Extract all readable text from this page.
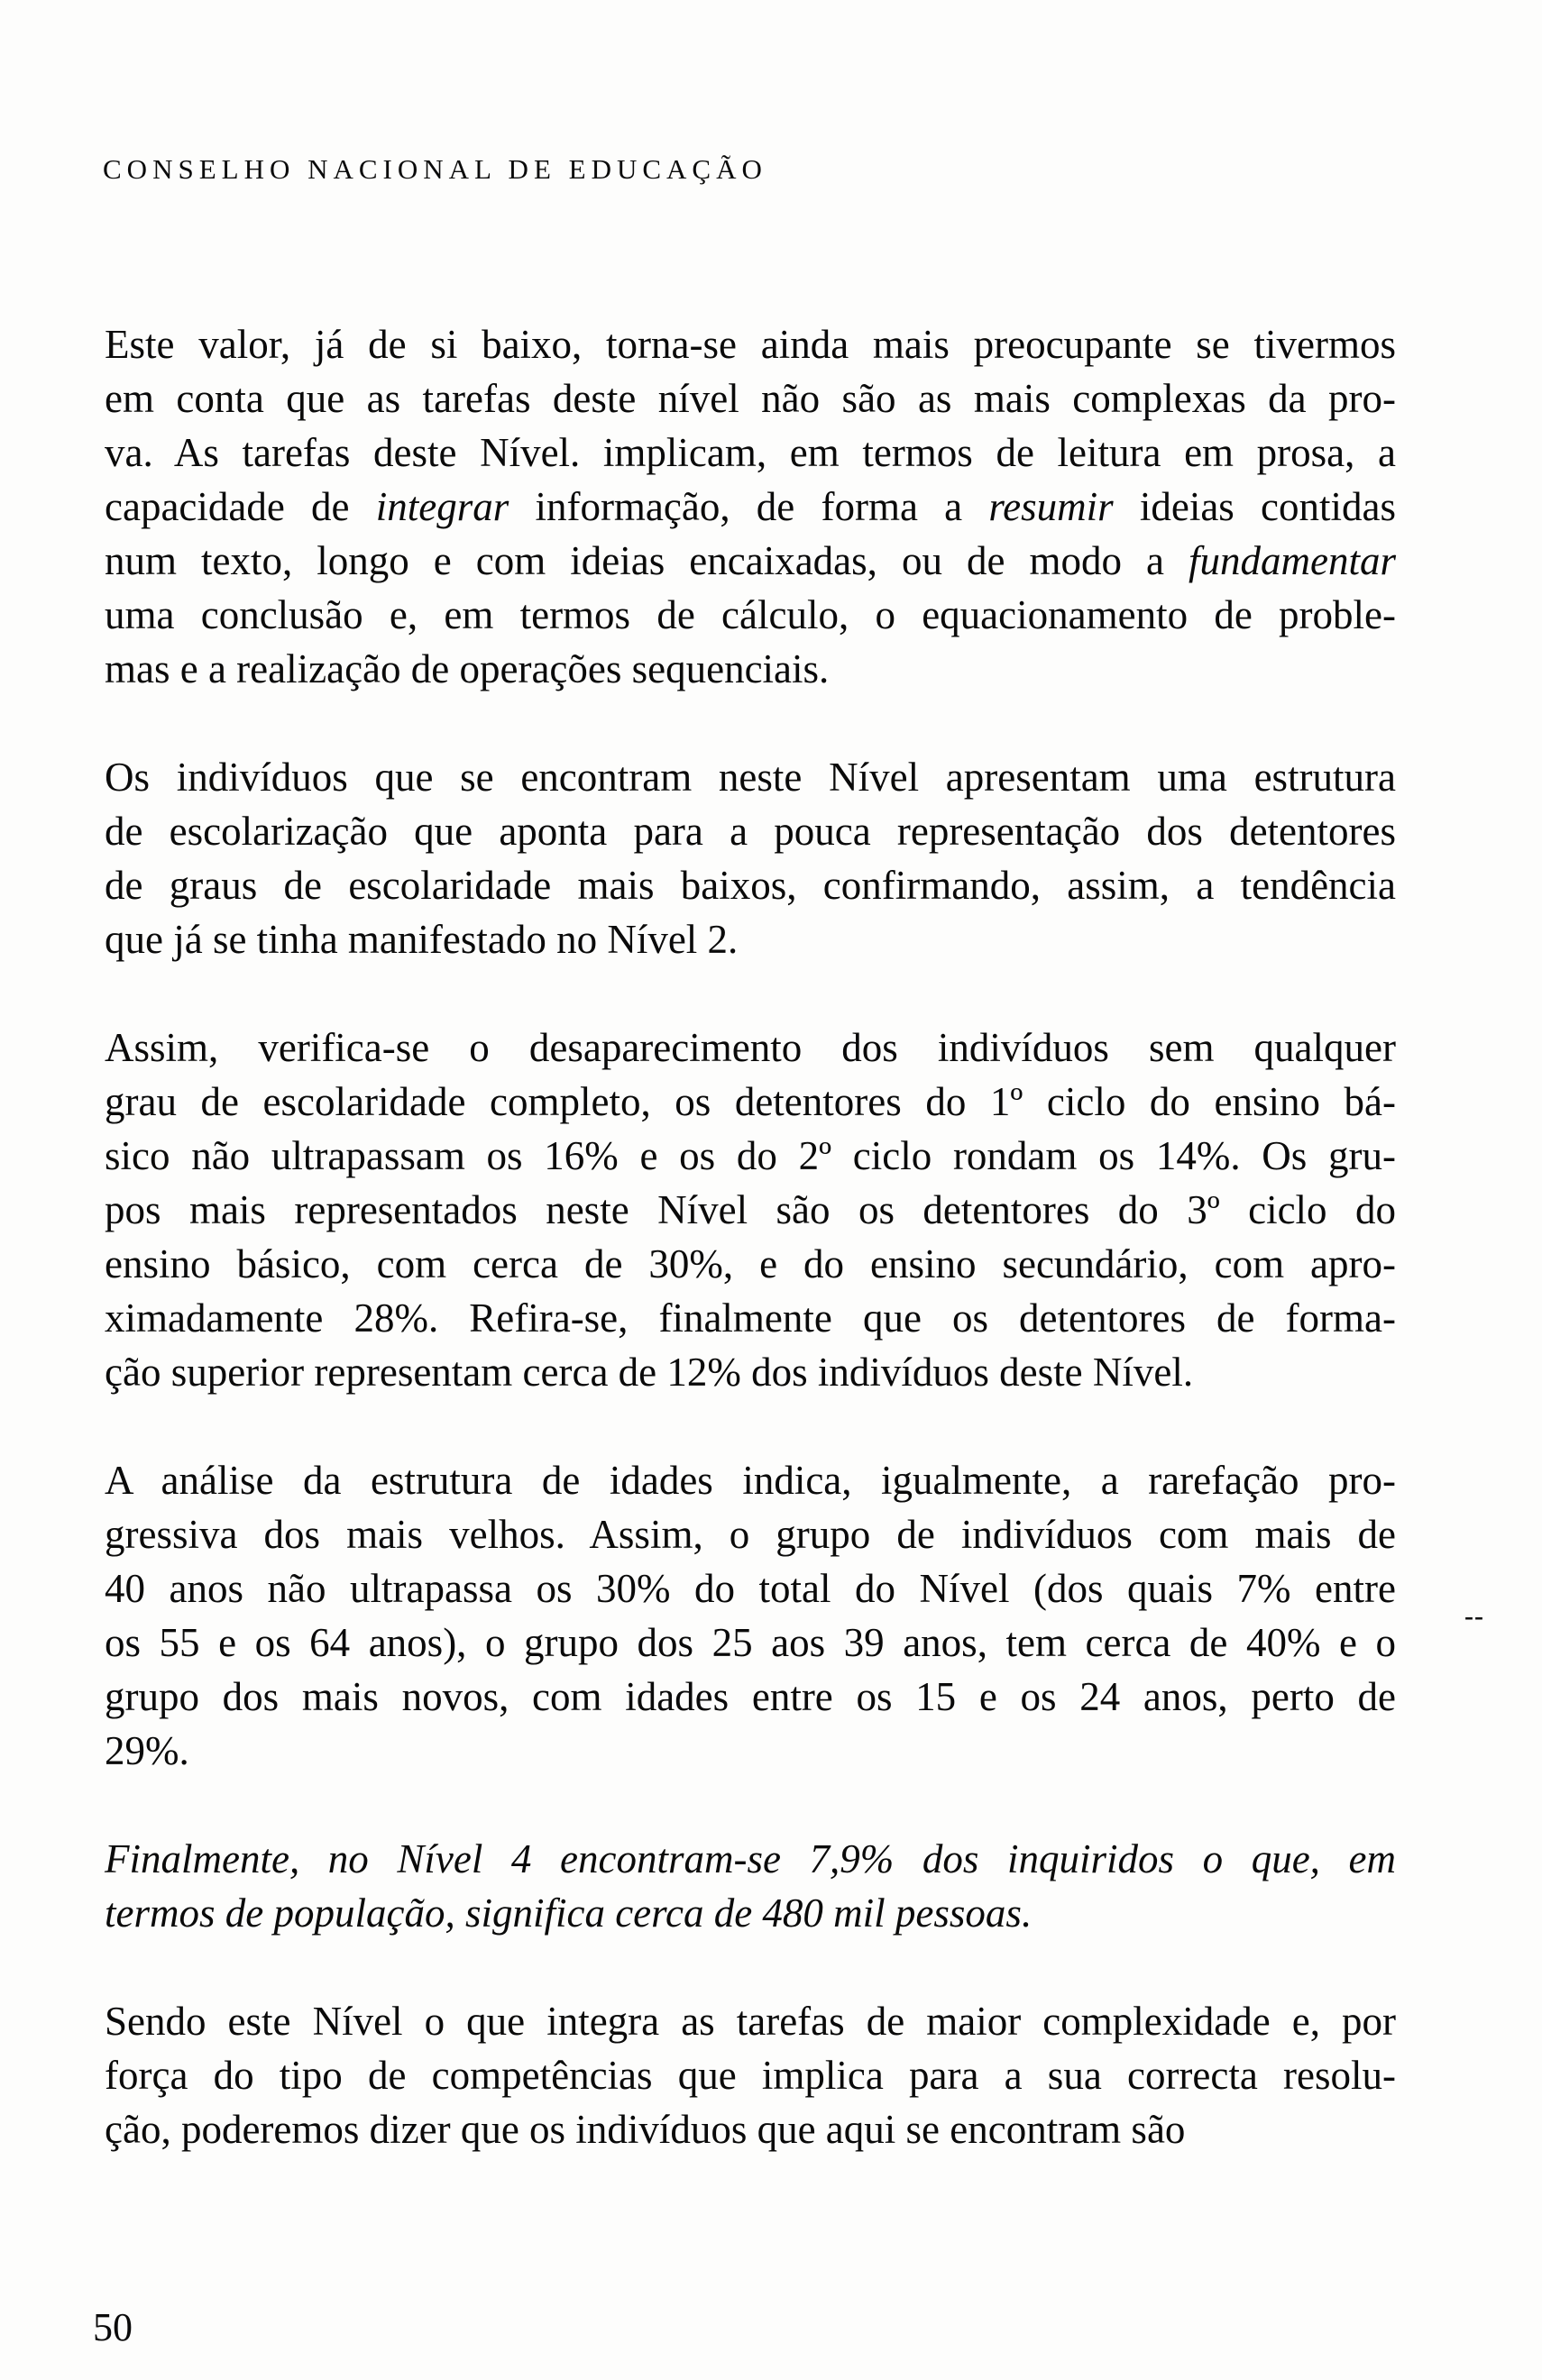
CONSELHO NACIONAL DE EDUCAÇÃO
Este valor, já de si baixo, torna-se ainda mais preocupante se tivermos
em conta que as tarefas deste nível não são as mais complexas da pro-
va. As tarefas deste Nível. implicam, em termos de leitura em prosa, a
capacidade de integrar informação, de forma a resumir ideias contidas
num texto, longo e com ideias encaixadas, ou de modo a fundamentar
uma conclusão e, em termos de cálculo, o equacionamento de proble-
mas e a realização de operações sequenciais.
Os indivíduos que se encontram neste Nível apresentam uma estrutura
de escolarização que aponta para a pouca representação dos detentores
de graus de escolaridade mais baixos, confirmando, assim, a tendência
que já se tinha manifestado no Nível 2.
Assim, verifica-se o desaparecimento dos indivíduos sem qualquer
grau de escolaridade completo, os detentores do 1º ciclo do ensino bá-
sico não ultrapassam os 16% e os do 2º ciclo rondam os 14%. Os gru-
pos mais representados neste Nível são os detentores do 3º ciclo do
ensino básico, com cerca de 30%, e do ensino secundário, com apro-
ximadamente 28%. Refira-se, finalmente que os detentores de forma-
ção superior representam cerca de 12% dos indivíduos deste Nível.
A análise da estrutura de idades indica, igualmente, a rarefação pro-
gressiva dos mais velhos. Assim, o grupo de indivíduos com mais de
40 anos não ultrapassa os 30% do total do Nível (dos quais 7% entre
os 55 e os 64 anos), o grupo dos 25 aos 39 anos, tem cerca de 40% e o
grupo dos mais novos, com idades entre os 15 e os 24 anos, perto de
29%.
Finalmente, no Nível 4 encontram-se 7,9% dos inquiridos o que, em
termos de população, significa cerca de 480 mil pessoas.
Sendo este Nível o que integra as tarefas de maior complexidade e, por
força do tipo de competências que implica para a sua correcta resolu-
ção, poderemos dizer que os indivíduos que aqui se encontram são
--
50
